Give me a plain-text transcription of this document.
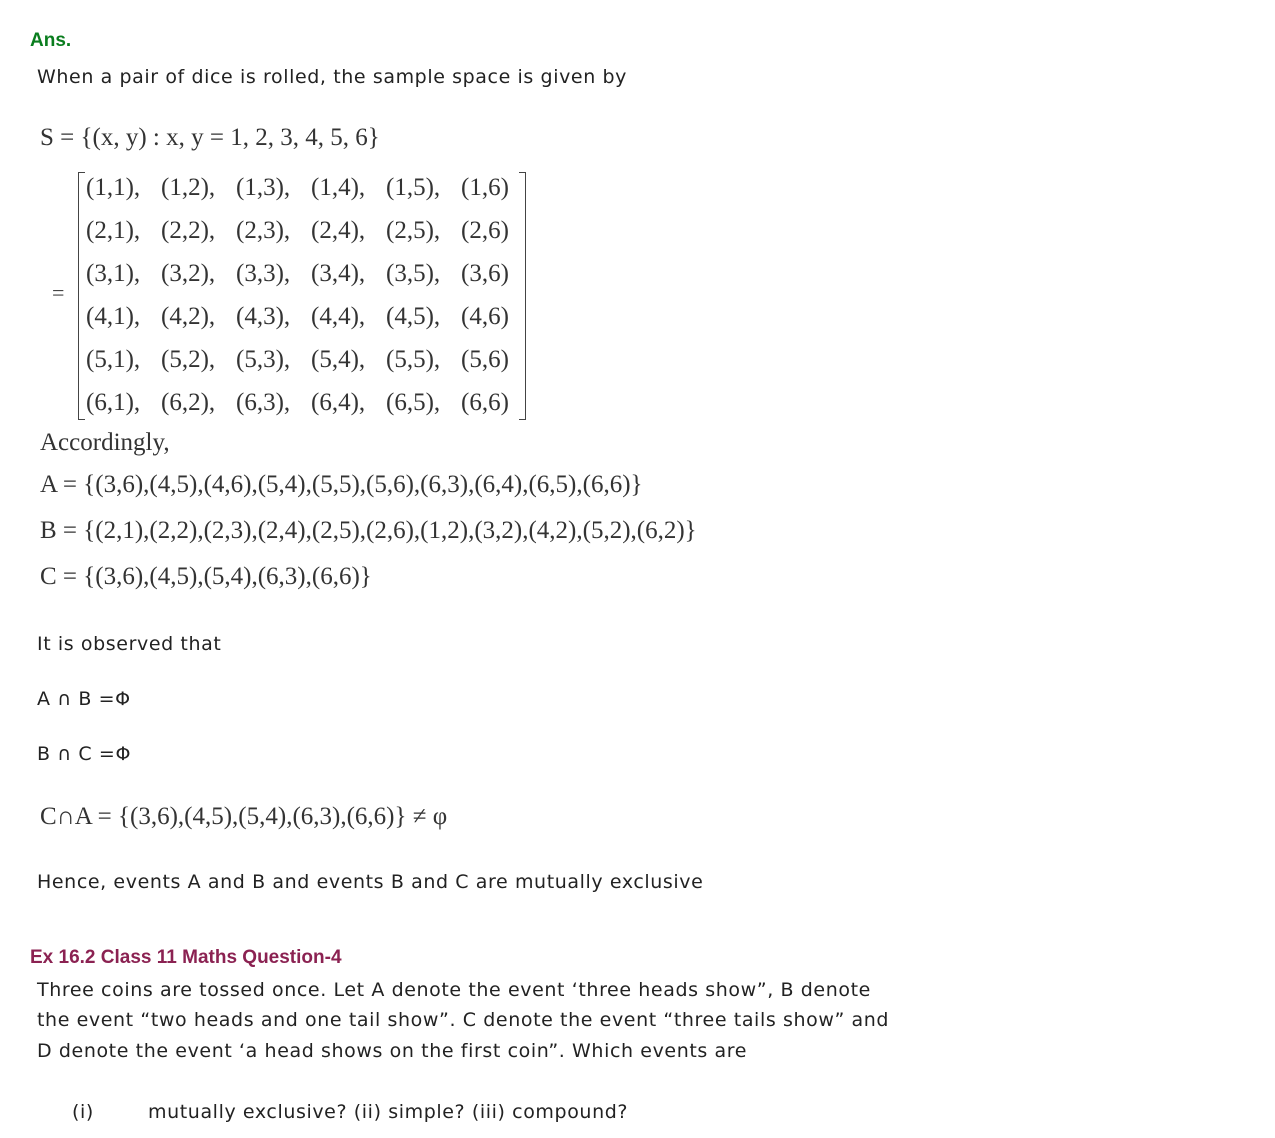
Ans.
When a pair of dice is rolled, the sample space is given by
S = {(x, y) : x, y = 1, 2, 3, 4, 5, 6}
=
(1,1), (1,2), (1,3), (1,4), (1,5), (1,6)
(2,1), (2,2), (2,3), (2,4), (2,5), (2,6)
(3,1), (3,2), (3,3), (3,4), (3,5), (3,6)
(4,1), (4,2), (4,3), (4,4), (4,5), (4,6)
(5,1), (5,2), (5,3), (5,4), (5,5), (5,6)
(6,1), (6,2), (6,3), (6,4), (6,5), (6,6)
Accordingly,
A = {(3,6),(4,5),(4,6),(5,4),(5,5),(5,6),(6,3),(6,4),(6,5),(6,6)}
B = {(2,1),(2,2),(2,3),(2,4),(2,5),(2,6),(1,2),(3,2),(4,2),(5,2),(6,2)}
C = {(3,6),(4,5),(5,4),(6,3),(6,6)}
It is observed that
A ∩ B =Φ
B ∩ C =Φ
C∩A = {(3,6),(4,5),(5,4),(6,3),(6,6)} ≠ φ
Hence, events A and B and events B and C are mutually exclusive
Ex 16.2 Class 11 Maths Question-4
Three coins are tossed once. Let A denote the event ‘three heads show”, B denote
the event “two heads and one tail show”. C denote the event “three tails show” and
D denote the event ‘a head shows on the first coin”. Which events are
(i)	mutually exclusive? (ii) simple? (iii) compound?
